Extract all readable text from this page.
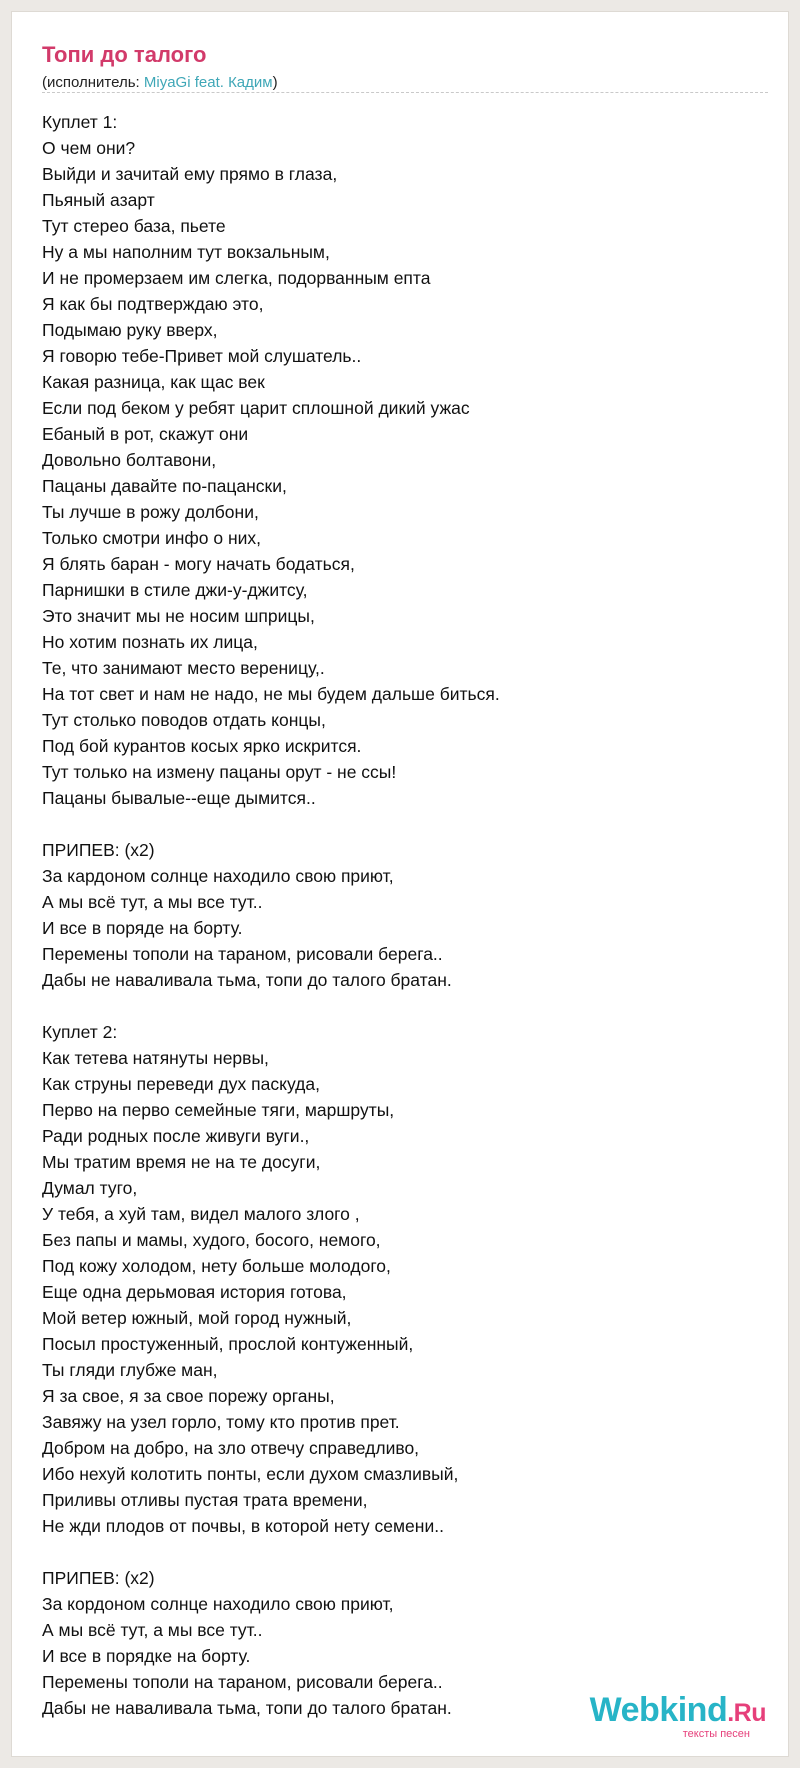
Топи до талого
(исполнитель: MiyaGi feat. Кадим)
Куплет 1:
О чем они?
Выйди и зачитай ему прямо в глаза,
Пьяный азарт
Тут стерео база, пьете
Ну а мы наполним тут вокзальным,
И не промерзаем им слегка, подорванным епта
Я как бы подтверждаю это,
Подымаю руку вверх,
Я говорю тебе-Привет мой слушатель..
Какая разница, как щас век
Если под беком у ребят царит сплошной дикий ужас
Ебаный в рот, скажут они
Довольно болтавони,
Пацаны давайте по-пацански,
Ты лучше в рожу долбони,
Только смотри инфо о них,
Я блять баран - могу начать бодаться,
Парнишки в стиле джи-у-джитсу,
Это значит мы не носим шприцы,
Но хотим познать их лица,
Те, что занимают место вереницу,.
На тот свет и нам не надо, не мы будем дальше биться.
Тут столько поводов отдать концы,
Под бой курантов косых ярко искрится.
Тут только на измену пацаны орут - не ссы!
Пацаны бывалые--еще дымится..
ПРИПЕВ: (x2)
За кардоном солнце находило свою приют,
А мы всё тут, а мы все тут..
И все в поряде на борту.
Перемены тополи на тараном, рисовали берега..
Дабы не наваливала тьма, топи до талого братан.
Куплет 2:
Как тетева натянуты нервы,
Как струны переведи дух паскуда,
Перво на перво семейные тяги, маршруты,
Ради родных после живуги вуги.,
Мы тратим время не на те досуги,
Думал туго,
У тебя, а хуй там, видел малого злого ,
Без папы и мамы, худого, босого, немого,
Под кожу холодом, нету больше молодого,
Еще одна дерьмовая история готова,
Мой ветер южный, мой город нужный,
Посыл простуженный, прослой контуженный,
Ты гляди глубже ман,
Я за свое, я за свое порежу органы,
Завяжу на узел горло, тому кто против прет.
Добром на добро, на зло отвечу справедливо,
Ибо нехуй колотить понты, если духом смазливый,
Приливы отливы пустая трата времени,
Не жди плодов от почвы, в которой нету семени..
ПРИПЕВ: (x2)
За кордоном солнце находило свою приют,
А мы всё тут, а мы все тут..
И все в порядке на борту.
Перемены тополи на тараном, рисовали берега..
Дабы не наваливала тьма, топи до талого братан.	Webkind.Ru
тексты песен
